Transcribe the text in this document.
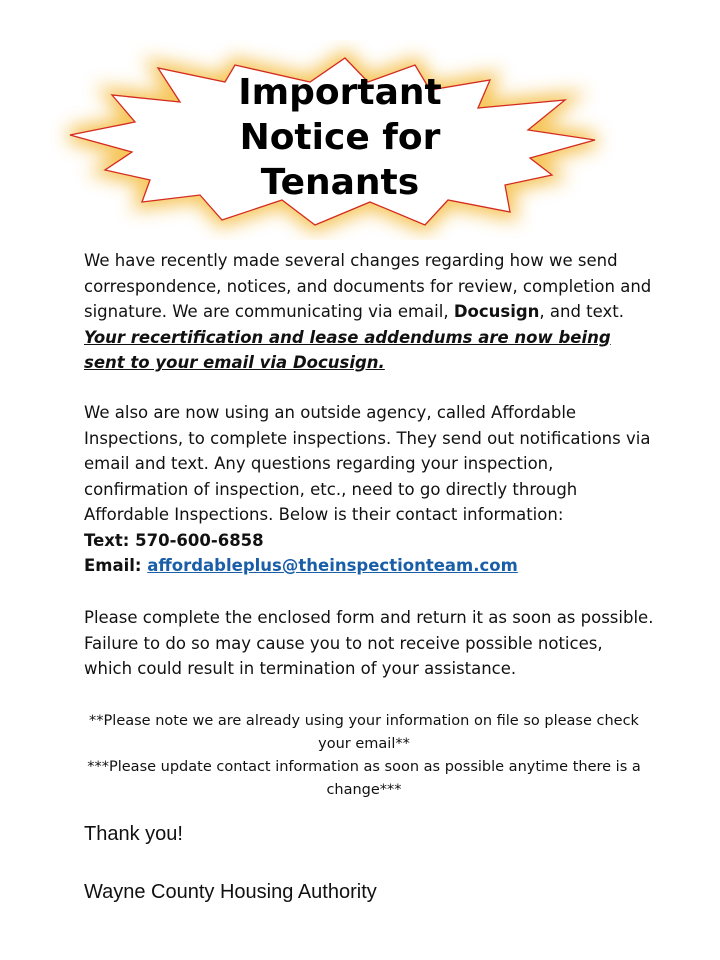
Important
Notice for
Tenants
We have recently made several changes regarding how we send correspondence, notices, and documents for review, completion and signature. We are communicating via email, Docusign, and text. Your recertification and lease addendums are now being sent to your email via Docusign.
We also are now using an outside agency, called Affordable Inspections, to complete inspections. They send out notifications via email and text. Any questions regarding your inspection, confirmation of inspection, etc., need to go directly through Affordable Inspections. Below is their contact information:
Text: 570-600-6858
Email: affordableplus@theinspectionteam.com
Please complete the enclosed form and return it as soon as possible. Failure to do so may cause you to not receive possible notices, which could result in termination of your assistance.
**Please note we are already using your information on file so please check your email**
***Please update contact information as soon as possible anytime there is a change***
Thank you!
Wayne County Housing Authority
